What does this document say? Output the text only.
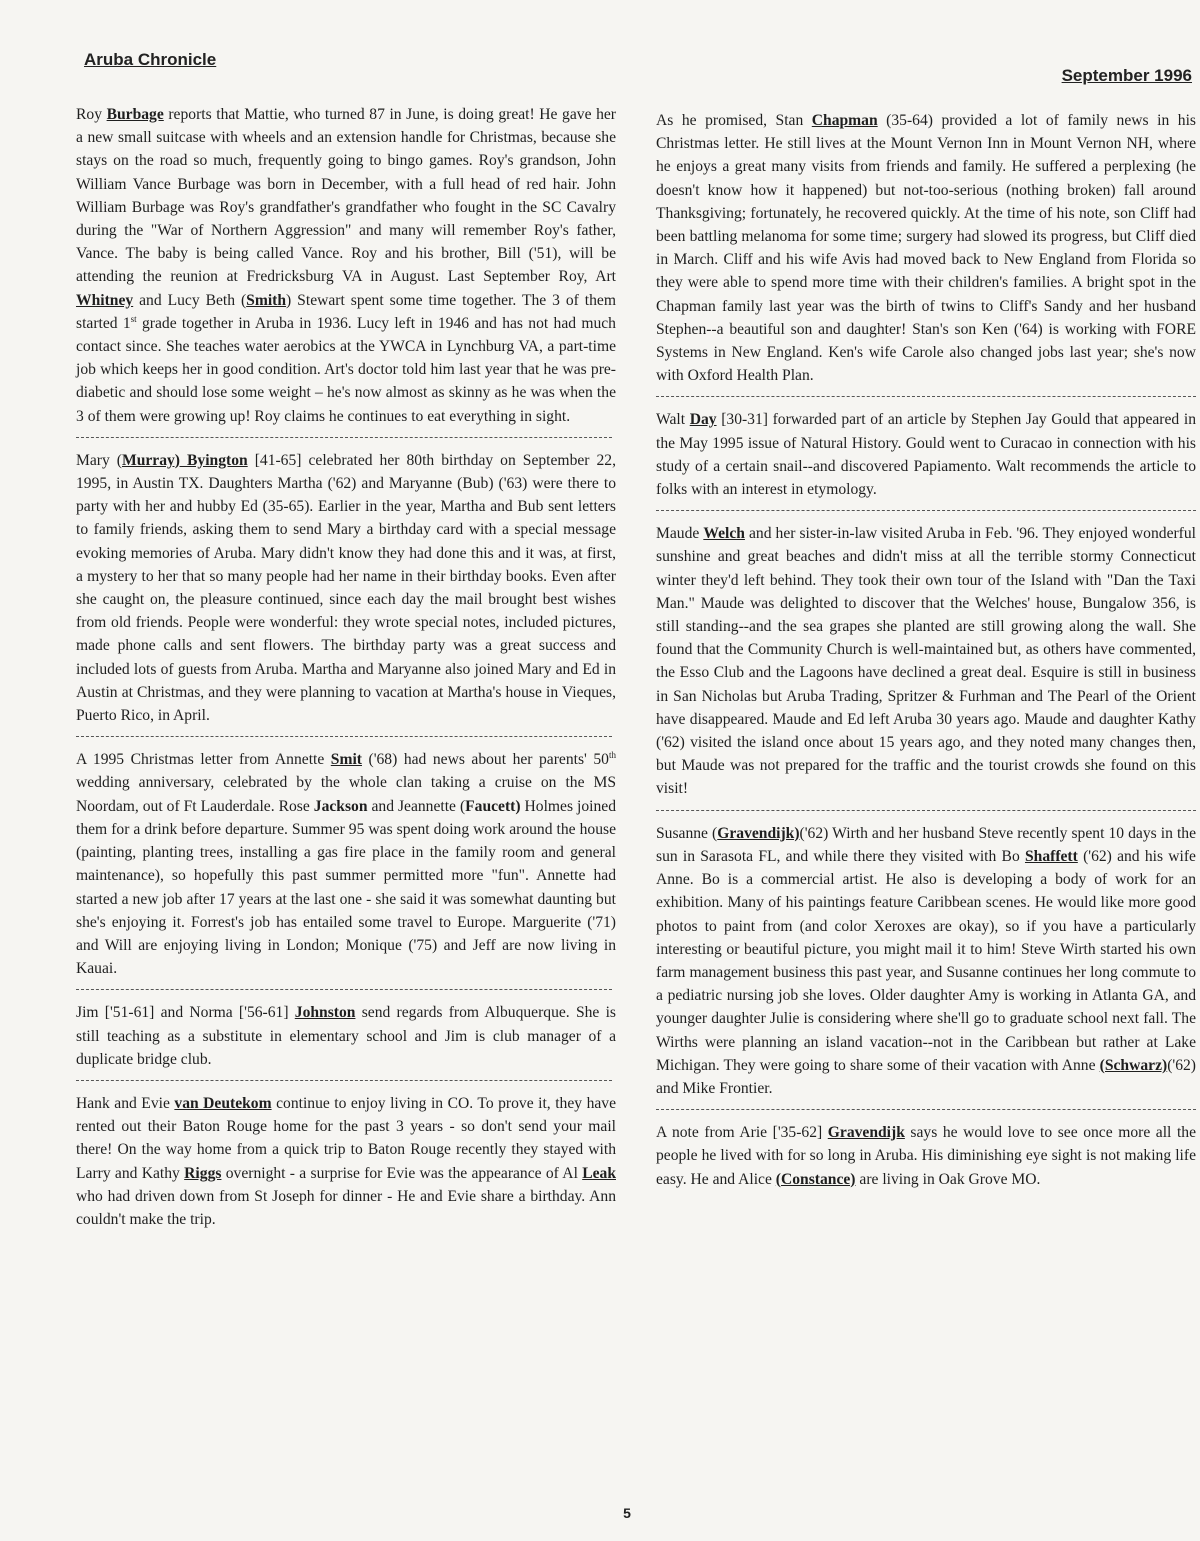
Aruba Chronicle
September 1996

Roy Burbage reports that Mattie, who turned 87 in June, is doing great! He gave her a new small suitcase with wheels and an extension handle for Christmas, because she stays on the road so much, frequently going to bingo games. Roy's grandson, John William Vance Burbage was born in December, with a full head of red hair. John William Burbage was Roy's grandfather's grandfather who fought in the SC Cavalry during the "War of Northern Aggression" and many will remember Roy's father, Vance. The baby is being called Vance. Roy and his brother, Bill ('51), will be attending the reunion at Fredricksburg VA in August. Last September Roy, Art Whitney and Lucy Beth (Smith) Stewart spent some time together. The 3 of them started 1st grade together in Aruba in 1936. Lucy left in 1946 and has not had much contact since. She teaches water aerobics at the YWCA in Lynchburg VA, a part-time job which keeps her in good condition. Art's doctor told him last year that he was pre-diabetic and should lose some weight – he's now almost as skinny as he was when the 3 of them were growing up! Roy claims he continues to eat everything in sight.

Mary (Murray) Byington [41-65] celebrated her 80th birthday on September 22, 1995, in Austin TX. Daughters Martha ('62) and Maryanne (Bub) ('63) were there to party with her and hubby Ed (35-65). Earlier in the year, Martha and Bub sent letters to family friends, asking them to send Mary a birthday card with a special message evoking memories of Aruba. Mary didn't know they had done this and it was, at first, a mystery to her that so many people had her name in their birthday books. Even after she caught on, the pleasure continued, since each day the mail brought best wishes from old friends. People were wonderful: they wrote special notes, included pictures, made phone calls and sent flowers. The birthday party was a great success and included lots of guests from Aruba. Martha and Maryanne also joined Mary and Ed in Austin at Christmas, and they were planning to vacation at Martha's house in Vieques, Puerto Rico, in April.

A 1995 Christmas letter from Annette Smit ('68) had news about her parents' 50th wedding anniversary, celebrated by the whole clan taking a cruise on the MS Noordam, out of Ft Lauderdale. Rose Jackson and Jeannette (Faucett) Holmes joined them for a drink before departure. Summer 95 was spent doing work around the house (painting, planting trees, installing a gas fire place in the family room and general maintenance), so hopefully this past summer permitted more "fun". Annette had started a new job after 17 years at the last one - she said it was somewhat daunting but she's enjoying it. Forrest's job has entailed some travel to Europe. Marguerite ('71) and Will are enjoying living in London; Monique ('75) and Jeff are now living in Kauai.

Jim ['51-61] and Norma ['56-61] Johnston send regards from Albuquerque. She is still teaching as a substitute in elementary school and Jim is club manager of a duplicate bridge club.

Hank and Evie van Deutekom continue to enjoy living in CO. To prove it, they have rented out their Baton Rouge home for the past 3 years - so don't send your mail there! On the way home from a quick trip to Baton Rouge recently they stayed with Larry and Kathy Riggs overnight - a surprise for Evie was the appearance of Al Leak who had driven down from St Joseph for dinner - He and Evie share a birthday. Ann couldn't make the trip.

As he promised, Stan Chapman (35-64) provided a lot of family news in his Christmas letter. He still lives at the Mount Vernon Inn in Mount Vernon NH, where he enjoys a great many visits from friends and family. He suffered a perplexing (he doesn't know how it happened) but not-too-serious (nothing broken) fall around Thanksgiving; fortunately, he recovered quickly. At the time of his note, son Cliff had been battling melanoma for some time; surgery had slowed its progress, but Cliff died in March. Cliff and his wife Avis had moved back to New England from Florida so they were able to spend more time with their children's families. A bright spot in the Chapman family last year was the birth of twins to Cliff's Sandy and her husband Stephen--a beautiful son and daughter! Stan's son Ken ('64) is working with FORE Systems in New England. Ken's wife Carole also changed jobs last year; she's now with Oxford Health Plan.

Walt Day [30-31] forwarded part of an article by Stephen Jay Gould that appeared in the May 1995 issue of Natural History. Gould went to Curacao in connection with his study of a certain snail--and discovered Papiamento. Walt recommends the article to folks with an interest in etymology.

Maude Welch and her sister-in-law visited Aruba in Feb. '96. They enjoyed wonderful sunshine and great beaches and didn't miss at all the terrible stormy Connecticut winter they'd left behind. They took their own tour of the Island with "Dan the Taxi Man." Maude was delighted to discover that the Welches' house, Bungalow 356, is still standing--and the sea grapes she planted are still growing along the wall. She found that the Community Church is well-maintained but, as others have commented, the Esso Club and the Lagoons have declined a great deal. Esquire is still in business in San Nicholas but Aruba Trading, Spritzer & Furhman and The Pearl of the Orient have disappeared. Maude and Ed left Aruba 30 years ago. Maude and daughter Kathy ('62) visited the island once about 15 years ago, and they noted many changes then, but Maude was not prepared for the traffic and the tourist crowds she found on this visit!

Susanne (Gravendijk)('62) Wirth and her husband Steve recently spent 10 days in the sun in Sarasota FL, and while there they visited with Bo Shaffett ('62) and his wife Anne. Bo is a commercial artist. He also is developing a body of work for an exhibition. Many of his paintings feature Caribbean scenes. He would like more good photos to paint from (and color Xeroxes are okay), so if you have a particularly interesting or beautiful picture, you might mail it to him! Steve Wirth started his own farm management business this past year, and Susanne continues her long commute to a pediatric nursing job she loves. Older daughter Amy is working in Atlanta GA, and younger daughter Julie is considering where she'll go to graduate school next fall. The Wirths were planning an island vacation--not in the Caribbean but rather at Lake Michigan. They were going to share some of their vacation with Anne (Schwarz)('62) and Mike Frontier.

A note from Arie ['35-62] Gravendijk says he would love to see once more all the people he lived with for so long in Aruba. His diminishing eye sight is not making life easy. He and Alice (Constance) are living in Oak Grove MO.

5
